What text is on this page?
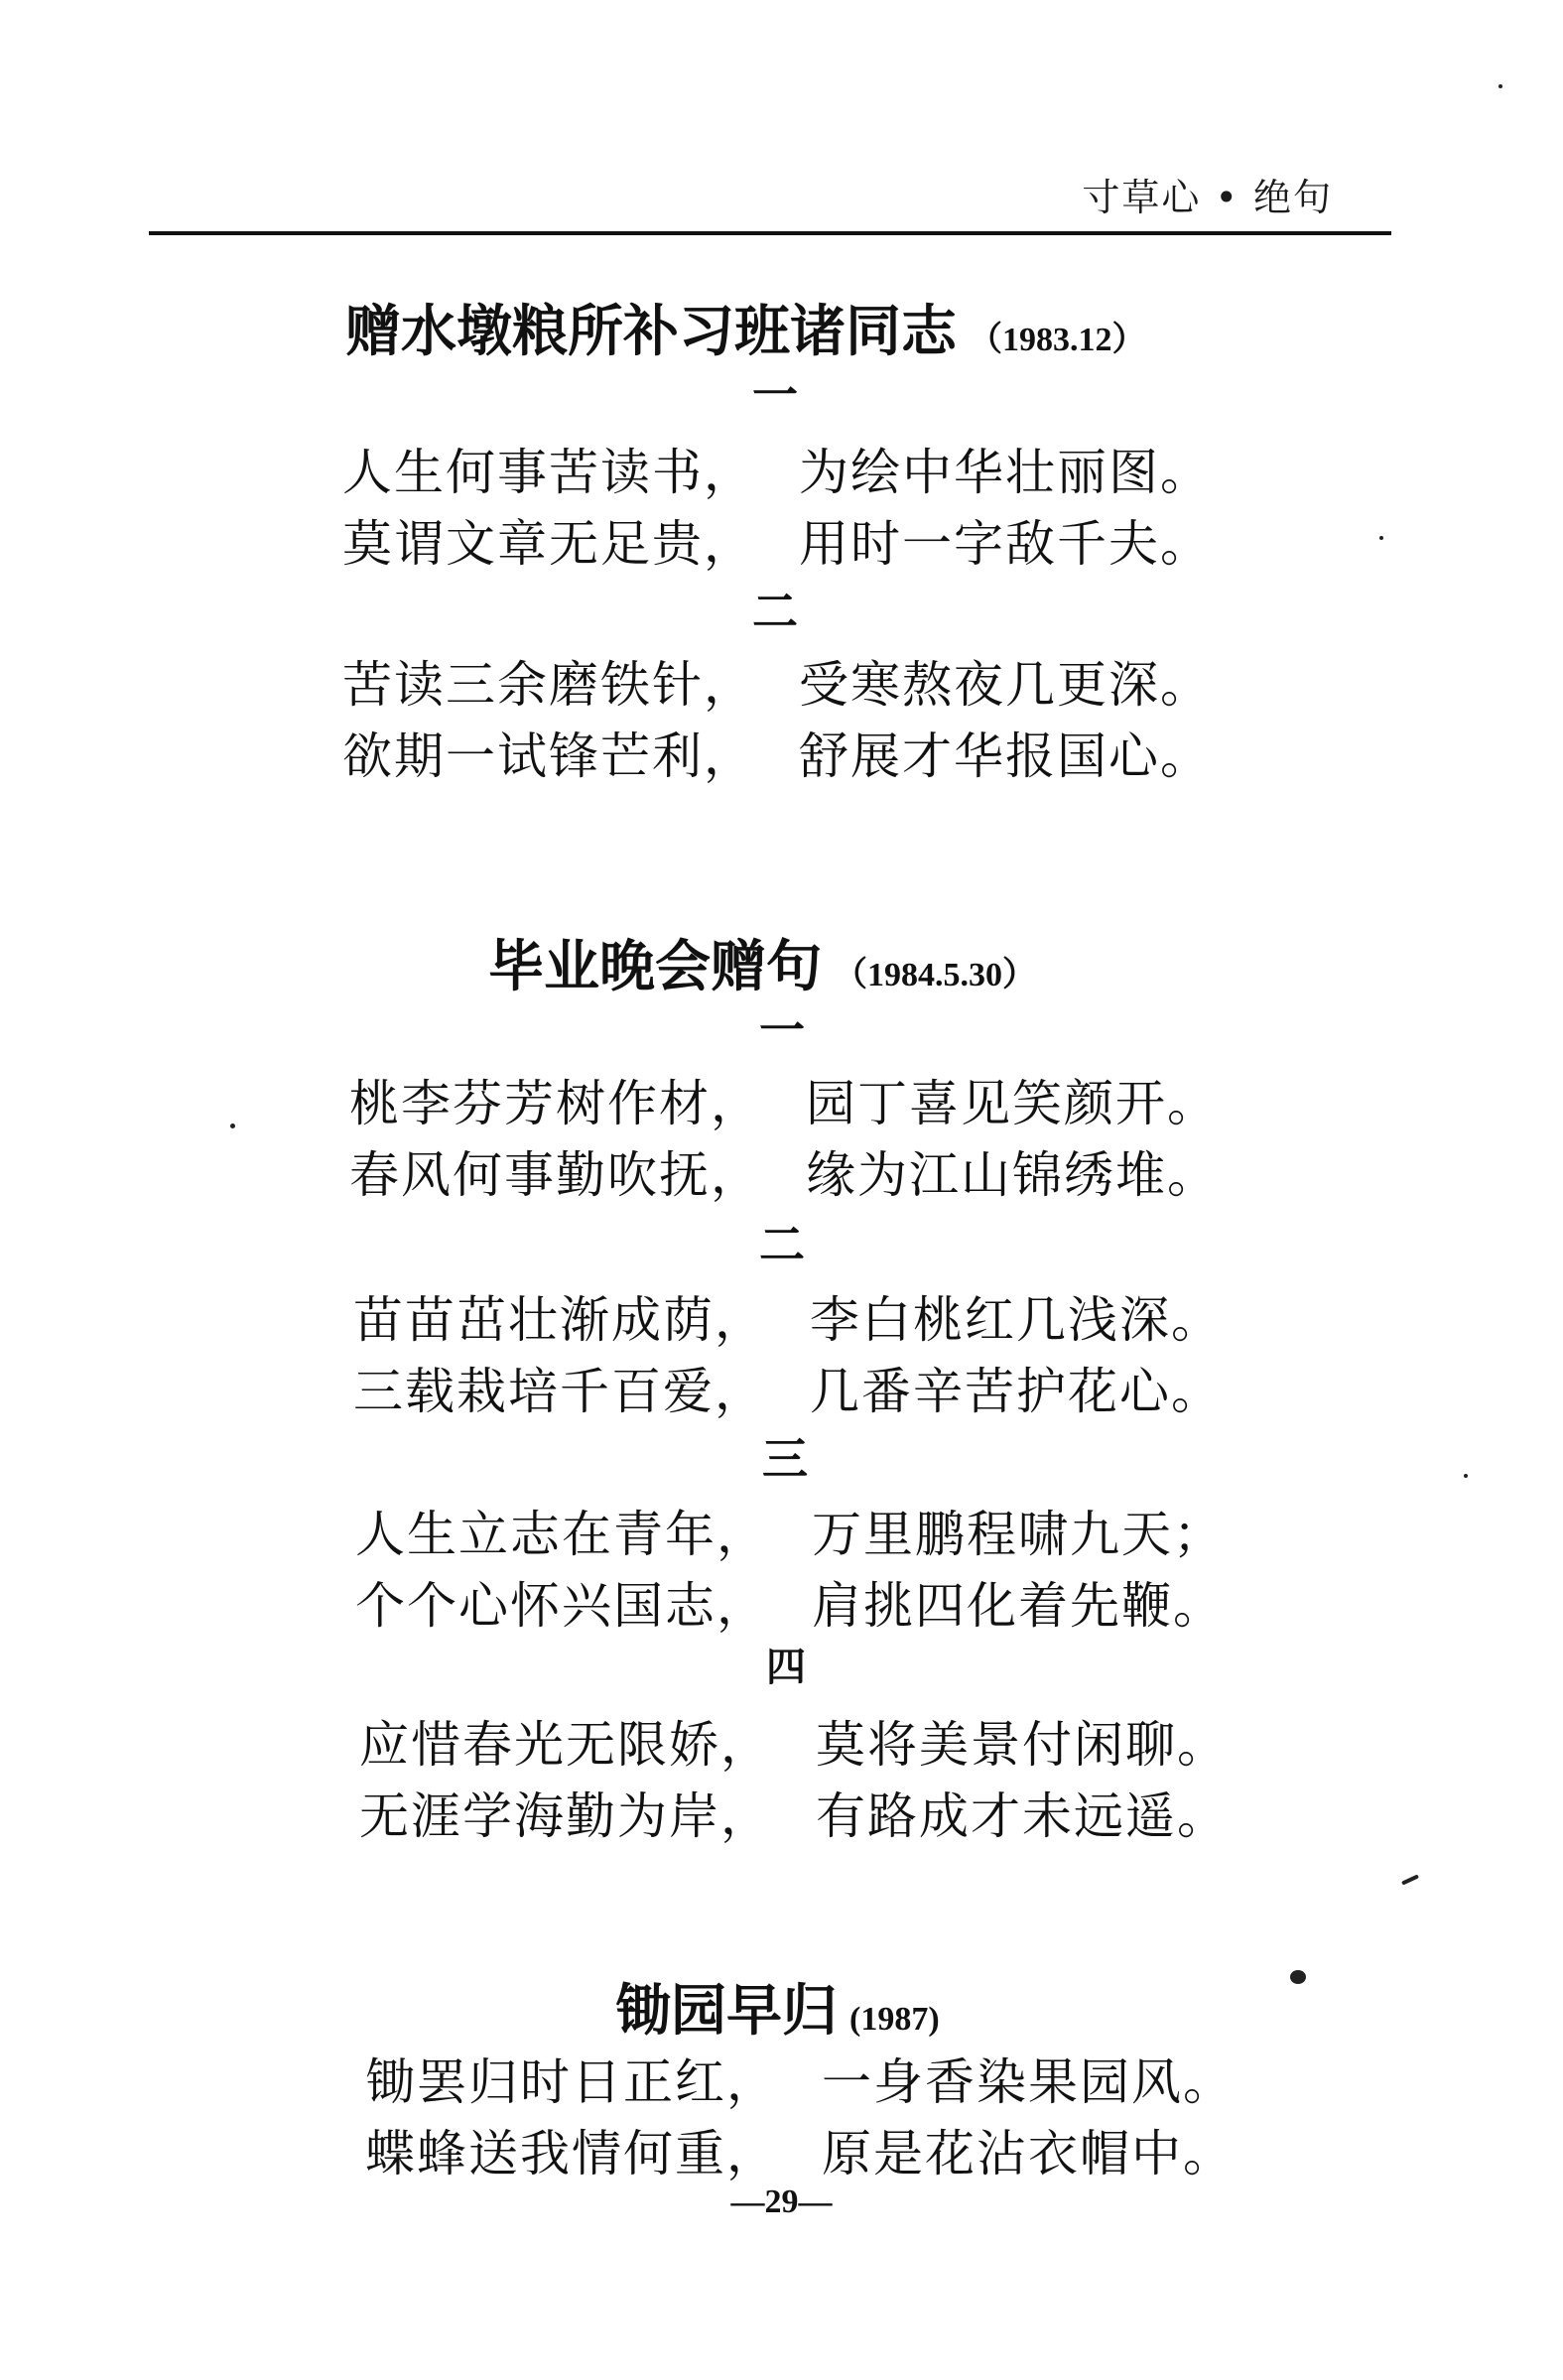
寸草心 • 绝句
赠水墩粮所补习班诸同志 （1983.12）
一
人生何事苦读书， 为绘中华壮丽图。
莫谓文章无足贵， 用时一字敌千夫。
二
苦读三余磨铁针， 受寒熬夜几更深。
欲期一试锋芒利， 舒展才华报国心。
毕业晚会赠句 （1984.5.30）
一
桃李芬芳树作材， 园丁喜见笑颜开。
春风何事勤吹抚， 缘为江山锦绣堆。
二
苗苗茁壮渐成荫， 李白桃红几浅深。
三载栽培千百爱， 几番辛苦护花心。
三
人生立志在青年， 万里鹏程啸九天；
个个心怀兴国志， 肩挑四化着先鞭。
四
应惜春光无限娇， 莫将美景付闲聊。
无涯学海勤为岸， 有路成才未远遥。
锄园早归 (1987)
锄罢归时日正红， 一身香染果园风。
蝶蜂送我情何重， 原是花沾衣帽中。
—29—
